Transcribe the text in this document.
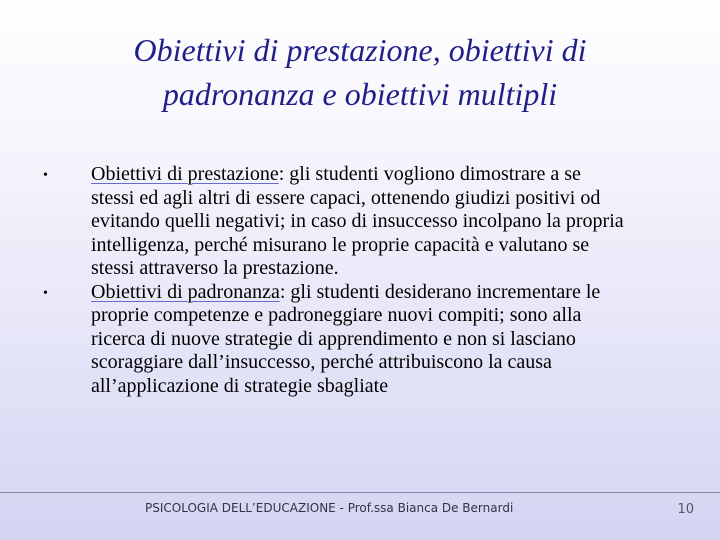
Obiettivi di prestazione, obiettivi di
padronanza e obiettivi multipli
• Obiettivi di prestazione: gli studenti vogliono dimostrare a se
stessi ed agli altri di essere capaci, ottenendo giudizi positivi od
evitando quelli negativi; in caso di insuccesso incolpano la propria
intelligenza, perché misurano le proprie capacità e valutano se
stessi attraverso la prestazione.
• Obiettivi di padronanza: gli studenti desiderano incrementare le
proprie competenze e padroneggiare nuovi compiti; sono alla
ricerca di nuove strategie di apprendimento e non si lasciano
scoraggiare dall’insuccesso, perché attribuiscono la causa
all’applicazione di strategie sbagliate
PSICOLOGIA DELL’EDUCAZIONE - Prof.ssa Bianca De Bernardi	10
